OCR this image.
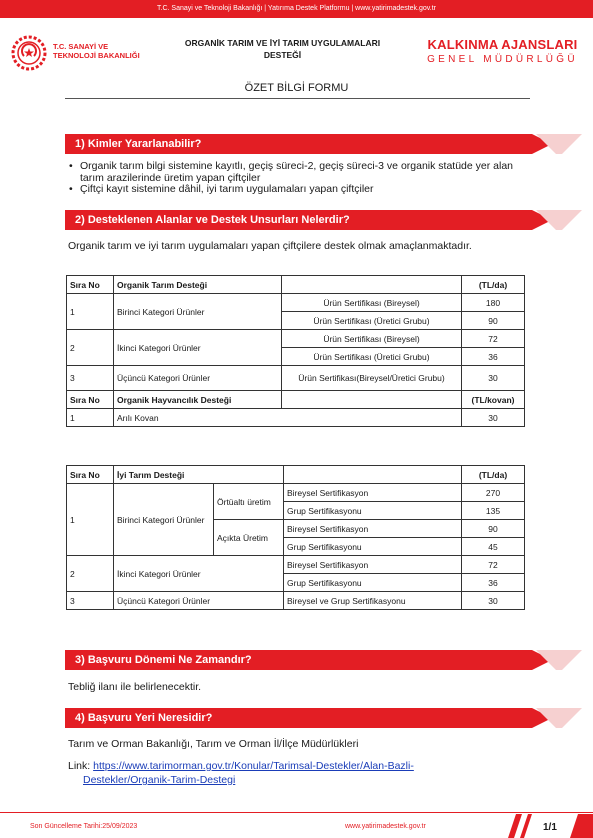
T.C. Sanayi ve Teknoloji Bakanlığı | Yatırıma Destek Platformu | www.yatirimadestek.gov.tr
T.C. SANAYİ VE
TEKNOLOJİ BAKANLIĞI
ORGANİK TARIM VE İYİ TARIM UYGULAMALARI
DESTEĞİ
KALKINMA AJANSLARI
GENEL MÜDÜRLÜĞÜ
ÖZET BİLGİ FORMU
1) Kimler Yararlanabilir?
• Organik tarım bilgi sistemine kayıtlı, geçiş süreci-2, geçiş süreci-3 ve organik statüde yer alan tarım arazilerinde üretim yapan çiftçiler
• Çiftçi kayıt sistemine dâhil, iyi tarım uygulamaları yapan çiftçiler
2) Desteklenen Alanlar ve Destek Unsurları Nelerdir?
Organik tarım ve iyi tarım uygulamaları yapan çiftçilere destek olmak amaçlanmaktadır.
Sıra No	Organik Tarım Desteği		(TL/da)
1	Birinci Kategori Ürünler	Ürün Sertifikası (Bireysel)	180
		Ürün Sertifikası (Üretici Grubu)	90
2	İkinci Kategori Ürünler	Ürün Sertifikası (Bireysel)	72
		Ürün Sertifikası (Üretici Grubu)	36
3	Üçüncü Kategori Ürünler	Ürün Sertifikası(Bireysel/Üretici Grubu)	30
Sıra No	Organik Hayvancılık Desteği		(TL/kovan)
1	Arılı Kovan		30
Sıra No	İyi Tarım Desteği			(TL/da)
1	Birinci Kategori Ürünler	Örtüaltı üretim	Bireysel Sertifikasyon	270
			Grup Sertifikasyonu	135
		Açıkta Üretim	Bireysel Sertifikasyon	90
			Grup Sertifikasyonu	45
2	İkinci Kategori Ürünler		Bireysel Sertifikasyon	72
			Grup Sertifikasyonu	36
3	Üçüncü Kategori Ürünler		Bireysel ve Grup Sertifikasyonu	30
3) Başvuru Dönemi Ne Zamandır?
Tebliğ ilanı ile belirlenecektir.
4) Başvuru Yeri Neresidir?
Tarım ve Orman Bakanlığı, Tarım ve Orman İl/İlçe Müdürlükleri
Link: https://www.tarimorman.gov.tr/Konular/Tarimsal-Destekler/Alan-Bazli-
Destekler/Organik-Tarim-Destegi
Son Güncelleme Tarihi:25/09/2023	www.yatirimadestek.gov.tr	1/1
